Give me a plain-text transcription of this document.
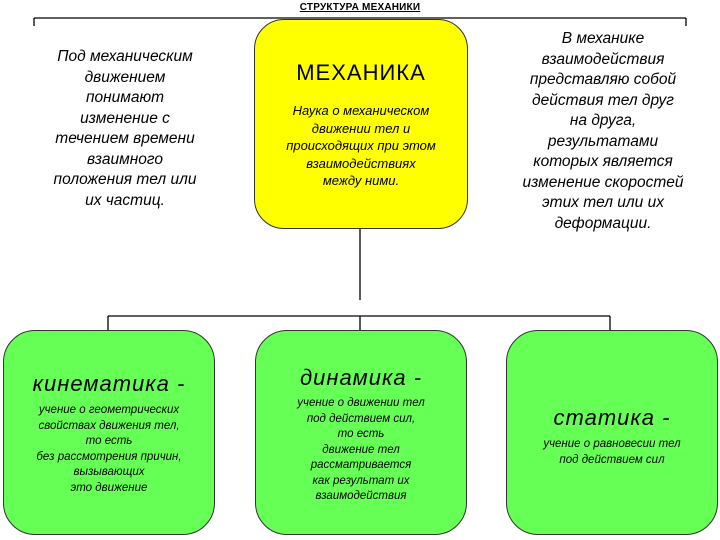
СТРУКТУРА МЕХАНИКИ
Под механическим
движением
понимают
изменение с
течением времени
взаимного
положения тел или
их частиц.
МЕХАНИКА
Наука о механическом
движении тел и
происходящих при этом
взаимодействиях
между ними.
В механике
взаимодействия
представляю собой
действия тел друг
на друга,
результатами
которых является
изменение скоростей
этих тел или их
деформации.
кинематика -
учение о геометрических
свойствах движения тел,
то есть
без рассмотрения причин,
вызывающих
это движение
динамика -
учение о движении тел
под действием сил,
то есть
движение тел
рассматривается
как результат их
взаимодействия
статика -
учение о равновесии тел
под действием сил
